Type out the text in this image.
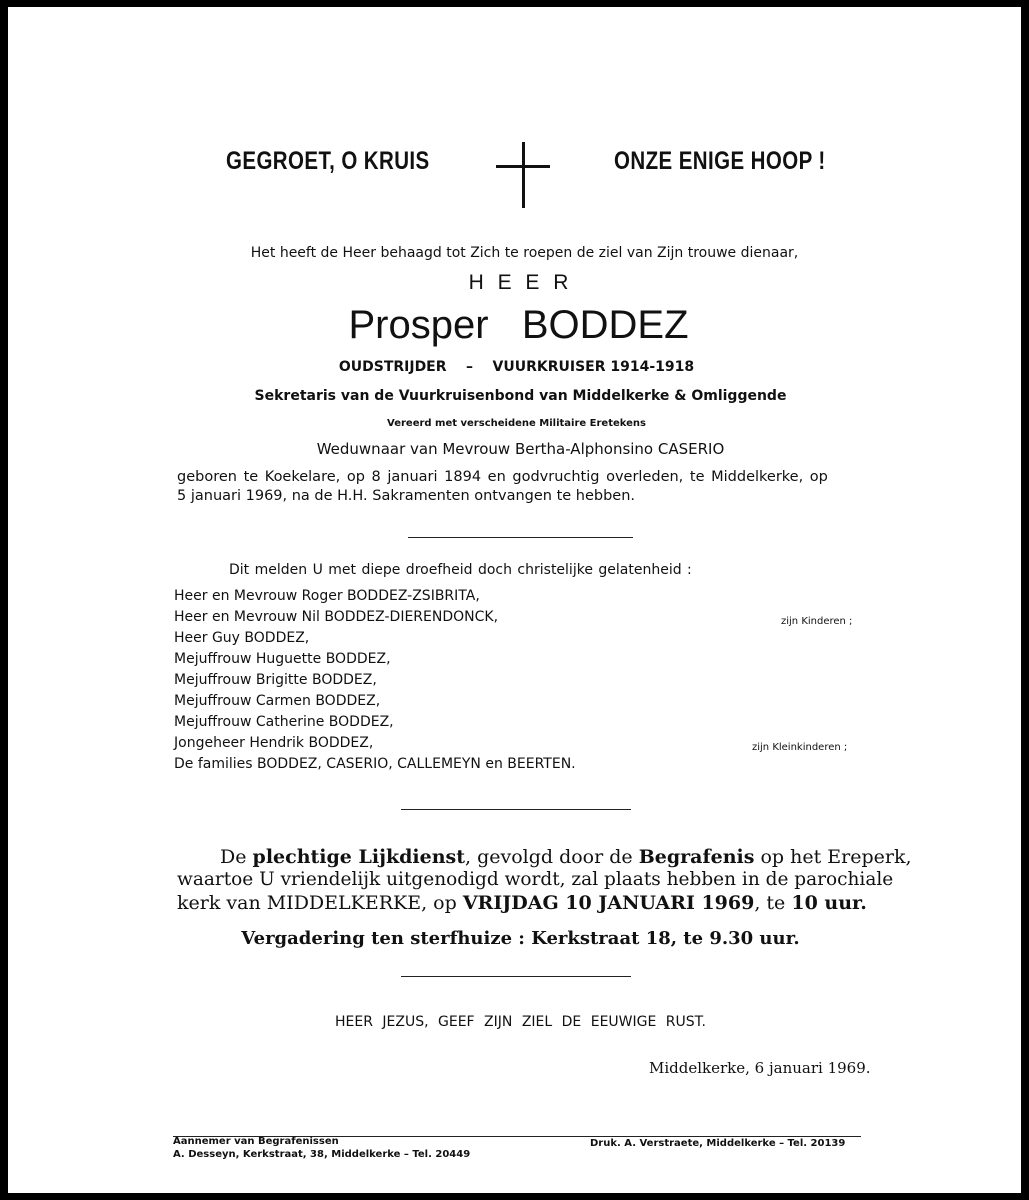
GEGROET, O KRUIS	ONZE ENIGE HOOP !
Het heeft de Heer behaagd tot Zich te roepen de ziel van Zijn trouwe dienaar,
H E E R
Prosper BODDEZ
OUDSTRIJDER – VUURKRUISER 1914-1918
Sekretaris van de Vuurkruisenbond van Middelkerke & Omliggende
Vereerd met verscheidene Militaire Eretekens
Weduwnaar van Mevrouw Bertha-Alphonsino CASERIO
geboren te Koekelare, op 8 januari 1894 en godvruchtig overleden, te Middelkerke, op
5 januari 1969, na de H.H. Sakramenten ontvangen te hebben.
Dit melden U met diepe droefheid doch christelijke gelatenheid :
Heer en Mevrouw Roger BODDEZ-ZSIBRITA,
Heer en Mevrouw Nil BODDEZ-DIERENDONCK,
Heer Guy BODDEZ,
Mejuffrouw Huguette BODDEZ,
Mejuffrouw Brigitte BODDEZ,
Mejuffrouw Carmen BODDEZ,
Mejuffrouw Catherine BODDEZ,
Jongeheer Hendrik BODDEZ,
De families BODDEZ, CASERIO, CALLEMEYN en BEERTEN.
zijn Kinderen ;
zijn Kleinkinderen ;
De plechtige Lijkdienst, gevolgd door de Begrafenis op het Ereperk,
waartoe U vriendelijk uitgenodigd wordt, zal plaats hebben in de parochiale
kerk van MIDDELKERKE, op VRIJDAG 10 JANUARI 1969, te 10 uur.
Vergadering ten sterfhuize : Kerkstraat 18, te 9.30 uur.
HEER JEZUS, GEEF ZIJN ZIEL DE EEUWIGE RUST.
Middelkerke, 6 januari 1969.
Aannemer van Begrafenissen
A. Desseyn, Kerkstraat, 38, Middelkerke – Tel. 20449
Druk. A. Verstraete, Middelkerke – Tel. 20139
